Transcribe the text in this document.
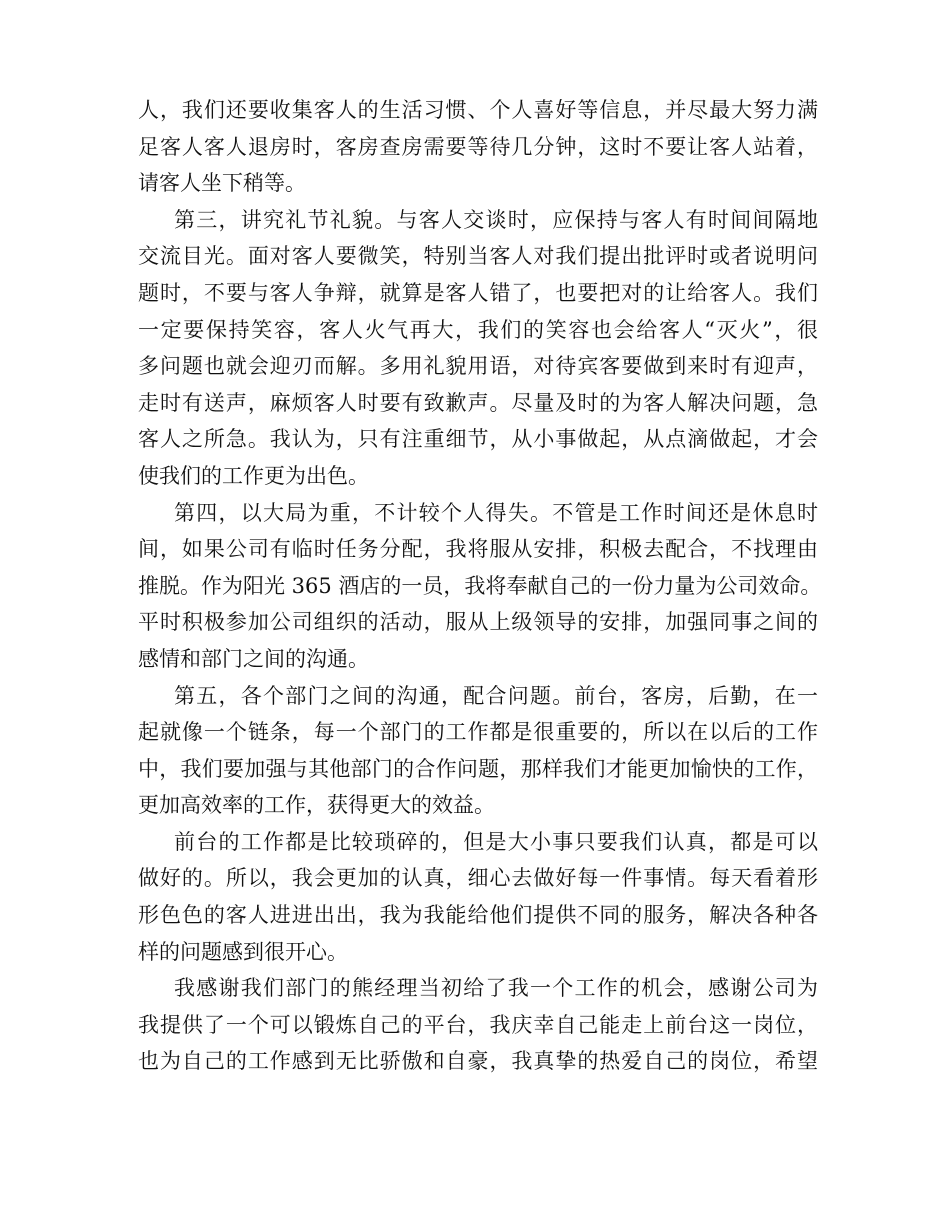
人，我们还要收集客人的生活习惯、个人喜好等信息，并尽最大努力满
足客人客人退房时，客房查房需要等待几分钟，这时不要让客人站着，
请客人坐下稍等。
第三，讲究礼节礼貌。与客人交谈时，应保持与客人有时间间隔地
交流目光。面对客人要微笑，特别当客人对我们提出批评时或者说明问
题时，不要与客人争辩，就算是客人错了，也要把对的让给客人。我们
一定要保持笑容，客人火气再大，我们的笑容也会给客人“灭火”，很
多问题也就会迎刃而解。多用礼貌用语，对待宾客要做到来时有迎声，
走时有送声，麻烦客人时要有致歉声。尽量及时的为客人解决问题，急
客人之所急。我认为，只有注重细节，从小事做起，从点滴做起，才会
使我们的工作更为出色。
第四，以大局为重，不计较个人得失。不管是工作时间还是休息时
间，如果公司有临时任务分配，我将服从安排，积极去配合，不找理由
推脱。作为阳光 365 酒店的一员，我将奉献自己的一份力量为公司效命。
平时积极参加公司组织的活动，服从上级领导的安排，加强同事之间的
感情和部门之间的沟通。
第五，各个部门之间的沟通，配合问题。前台，客房，后勤，在一
起就像一个链条，每一个部门的工作都是很重要的，所以在以后的工作
中，我们要加强与其他部门的合作问题，那样我们才能更加愉快的工作，
更加高效率的工作，获得更大的效益。
前台的工作都是比较琐碎的，但是大小事只要我们认真，都是可以
做好的。所以，我会更加的认真，细心去做好每一件事情。每天看着形
形色色的客人进进出出，我为我能给他们提供不同的服务，解决各种各
样的问题感到很开心。
我感谢我们部门的熊经理当初给了我一个工作的机会，感谢公司为
我提供了一个可以锻炼自己的平台，我庆幸自己能走上前台这一岗位，
也为自己的工作感到无比骄傲和自豪，我真挚的热爱自己的岗位，希望
